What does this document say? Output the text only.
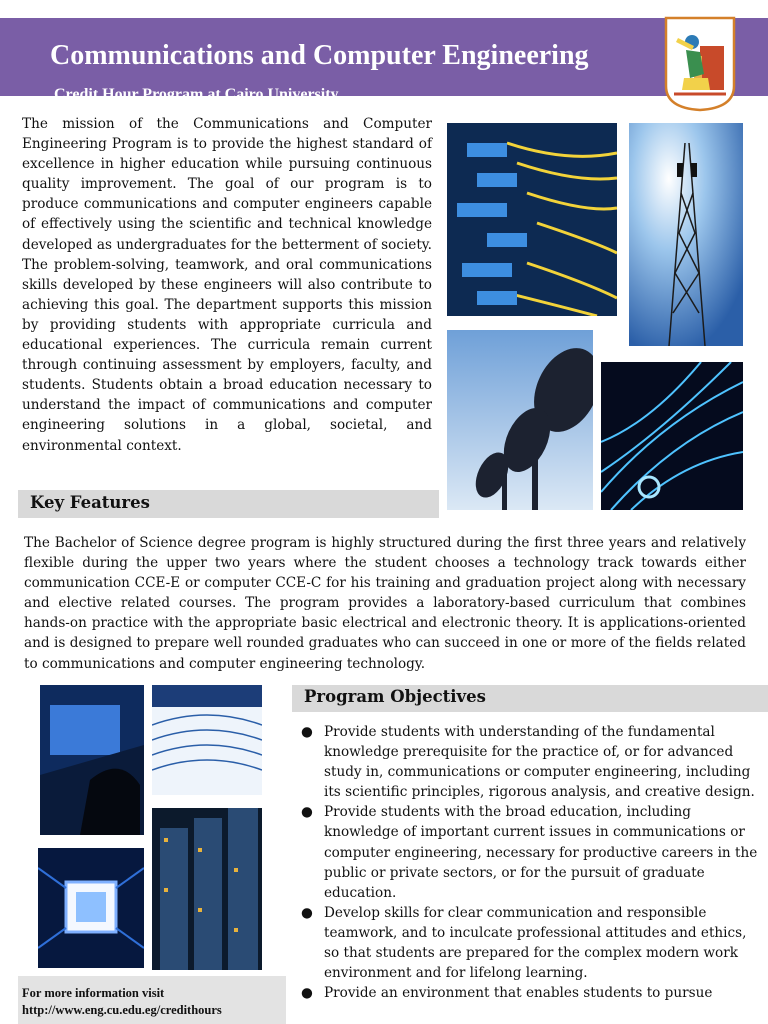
Communications and Computer Engineering
Credit Hour Program at Cairo University

The mission of the Communications and Computer Engineering Program is to provide the highest standard of excellence in higher education while pursuing continuous quality improvement. The goal of our program is to produce communications and computer engineers capable of effectively using the scientific and technical knowledge developed as undergraduates for the betterment of society. The problem-solving, teamwork, and oral communications skills developed by these engineers will also contribute to achieving this goal. The department supports this mission by providing students with appropriate curricula and educational experiences. The curricula remain current through continuing assessment by employers, faculty, and students. Students obtain a broad education necessary to understand the impact of communications and computer engineering solutions in a global, societal, and environmental context.

Key Features

The Bachelor of Science degree program is highly structured during the first three years and relatively flexible during the upper two years where the student chooses a technology track towards either communication CCE-E or computer CCE-C for his training and graduation project along with necessary and elective related courses. The program provides a laboratory-based curriculum that combines hands-on practice with the appropriate basic electrical and electronic theory. It is applications-oriented and is designed to prepare well rounded graduates who can succeed in one or more of the fields related to communications and computer engineering technology.

Program Objectives
● Provide students with understanding of the fundamental knowledge prerequisite for the practice of, or for advanced study in, communications or computer engineering, including its scientific principles, rigorous analysis, and creative design.
● Provide students with the broad education, including knowledge of important current issues in communications or computer engineering, necessary for productive careers in the public or private sectors, or for the pursuit of graduate education.
● Develop skills for clear communication and responsible teamwork, and to inculcate professional attitudes and ethics, so that students are prepared for the complex modern work environment and for lifelong learning.
● Provide an environment that enables students to pursue
For more information visit
http://www.eng.cu.edu.eg/credithours
